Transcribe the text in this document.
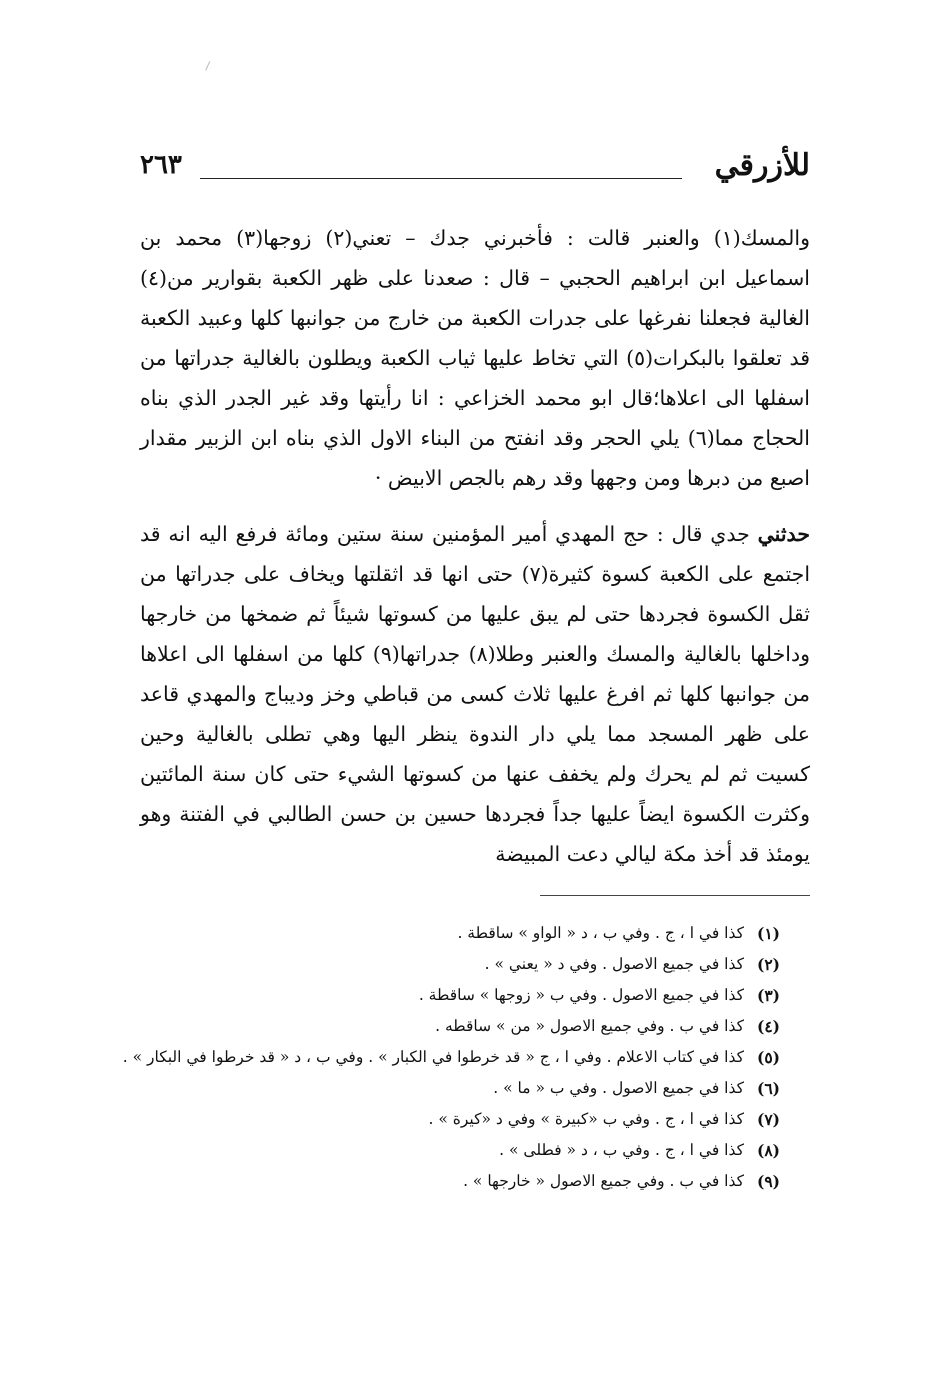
للأزرقي
٢٦٣

والمسك(١) والعنبر قالت : فأخبرني جدك – تعني(٢) زوجها(٣) محمد بن اسماعيل ابن ابراهيم الحجبي – قال : صعدنا على ظهر الكعبة بقوارير من(٤) الغالية فجعلنا نفرغها على جدرات الكعبة من خارج من جوانبها كلها وعبيد الكعبة قد تعلقوا بالبكرات(٥) التي تخاط عليها ثياب الكعبة ويطلون بالغالية جدراتها من اسفلها الى اعلاها؛قال ابو محمد الخزاعي : انا رأيتها وقد غير الجدر الذي بناه الحجاج مما(٦) يلي الحجر وقد انفتح من البناء الاول الذي بناه ابن الزبير مقدار اصبع من دبرها ومن وجهها وقد رهم بالجص الابيض ·

حدثني جدي قال : حج المهدي أمير المؤمنين سنة ستين ومائة فرفع اليه انه قد اجتمع على الكعبة كسوة كثيرة(٧) حتى انها قد اثقلتها ويخاف على جدراتها من ثقل الكسوة فجردها حتى لم يبق عليها من كسوتها شيئاً ثم ضمخها من خارجها وداخلها بالغالية والمسك والعنبر وطلا(٨) جدراتها(٩) كلها من اسفلها الى اعلاها من جوانبها كلها ثم افرغ عليها ثلاث كسى من قباطي وخز وديباج والمهدي قاعد على ظهر المسجد مما يلي دار الندوة ينظر اليها وهي تطلى بالغالية وحين كسيت ثم لم يحرك ولم يخفف عنها من كسوتها الشيء حتى كان سنة المائتين وكثرت الكسوة ايضاً عليها جداً فجردها حسين بن حسن الطالبي في الفتنة وهو يومئذ قد أخذ مكة ليالي دعت المبيضة

(١)
كذا في ا ، ج . وفي ب ، د « الواو » ساقطة .
(٢)
كذا في جميع الاصول . وفي د « يعني » .
(٣)
كذا في جميع الاصول . وفي ب « زوجها » ساقطة .
(٤)
كذا في ب . وفي جميع الاصول « من » ساقطه .
(٥)
كذا في كتاب الاعلام . وفي ا ، ج « قد خرطوا في الكبار » . وفي ب ، د « قد خرطوا في البكار » .
(٦)
كذا في جميع الاصول . وفي ب « ما » .
(٧)
كذا في ا ، ج . وفي ب «كبيرة » وفي د «كيرة » .
(٨)
كذا في ا ، ج . وفي ب ، د « فطلى » .
(٩)
كذا في ب . وفي جميع الاصول « خارجها » .
